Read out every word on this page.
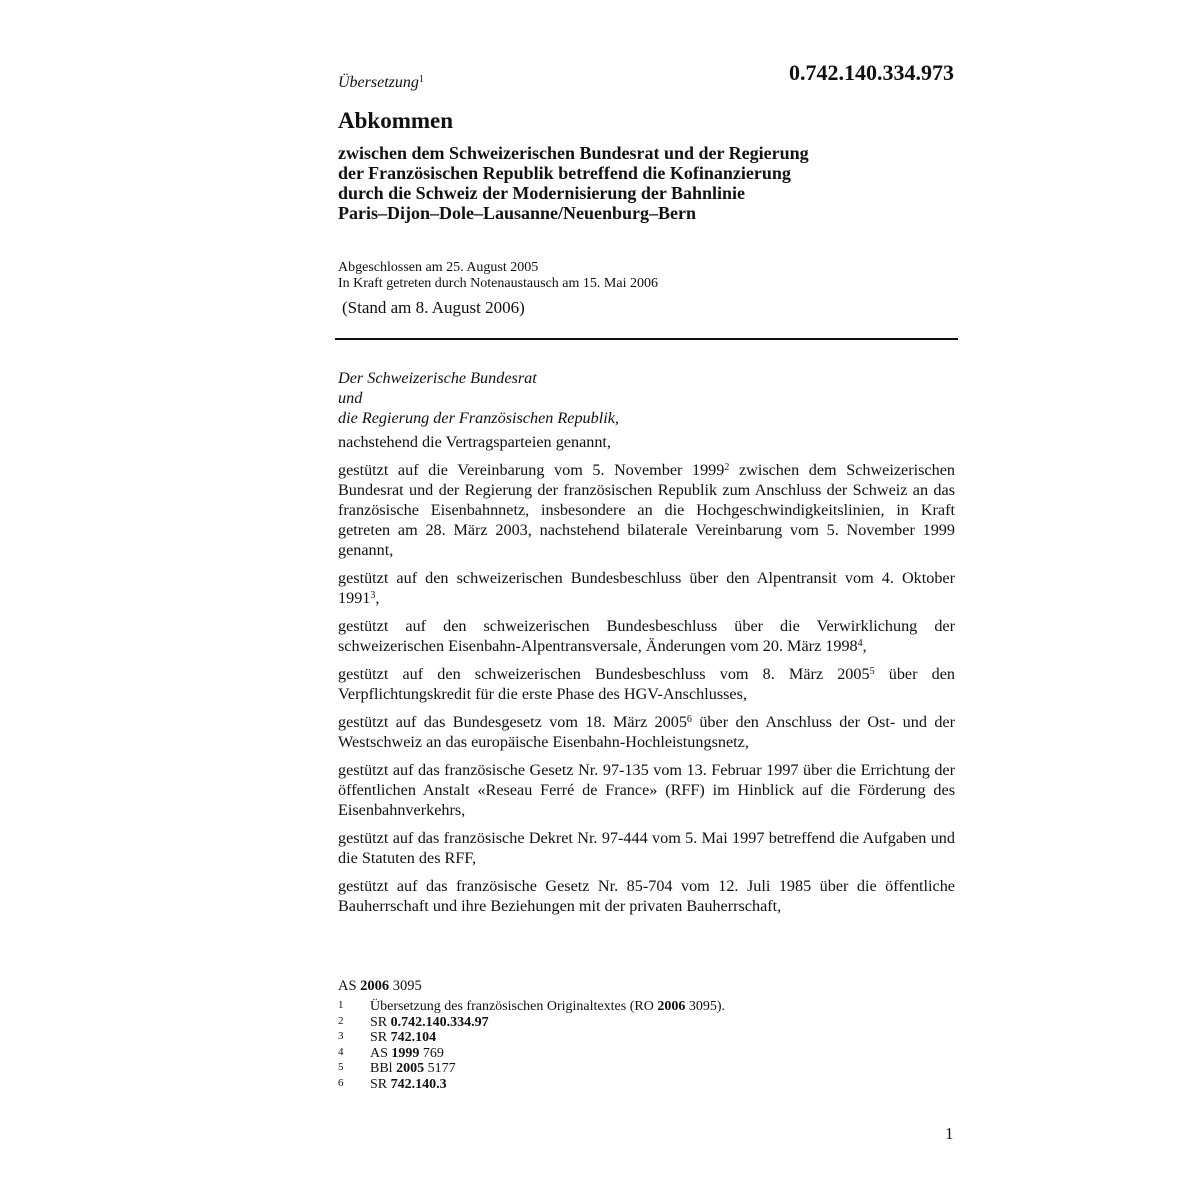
Übersetzung$^1$	0.742.140.334.973
Abkommen
zwischen dem Schweizerischen Bundesrat und der Regierung
der Französischen Republik betreffend die Kofinanzierung
durch die Schweiz der Modernisierung der Bahnlinie
Paris–Dijon–Dole–Lausanne/Neuenburg–Bern
Abgeschlossen am 25. August 2005
In Kraft getreten durch Notenaustausch am 15. Mai 2006
(Stand am 8. August 2006)
Der Schweizerische Bundesrat
und
die Regierung der Französischen Republik,
nachstehend die Vertragsparteien genannt,
gestützt auf die Vereinbarung vom 5. November 1999$^2$ zwischen dem Schweizerischen Bundesrat und der Regierung der französischen Republik zum Anschluss der Schweiz an das französische Eisenbahnnetz, insbesondere an die Hochgeschwindigkeitslinien, in Kraft getreten am 28. März 2003, nachstehend bilaterale Vereinbarung vom 5. November 1999 genannt,
gestützt auf den schweizerischen Bundesbeschluss über den Alpentransit vom 4. Oktober 1991$^3$,
gestützt auf den schweizerischen Bundesbeschluss über die Verwirklichung der schweizerischen Eisenbahn-Alpentransversale, Änderungen vom 20. März 1998$^4$,
gestützt auf den schweizerischen Bundesbeschluss vom 8. März 2005$^5$ über den Verpflichtungskredit für die erste Phase des HGV-Anschlusses,
gestützt auf das Bundesgesetz vom 18. März 2005$^6$ über den Anschluss der Ost- und der Westschweiz an das europäische Eisenbahn-Hochleistungsnetz,
gestützt auf das französische Gesetz Nr. 97-135 vom 13. Februar 1997 über die Errichtung der öffentlichen Anstalt «Reseau Ferré de France» (RFF) im Hinblick auf die Förderung des Eisenbahnverkehrs,
gestützt auf das französische Dekret Nr. 97-444 vom 5. Mai 1997 betreffend die Aufgaben und die Statuten des RFF,
gestützt auf das französische Gesetz Nr. 85-704 vom 12. Juli 1985 über die öffentliche Bauherrschaft und ihre Beziehungen mit der privaten Bauherrschaft,
AS 2006 3095
1	Übersetzung des französischen Originaltextes (RO 2006 3095).
2	SR 0.742.140.334.97
3	SR 742.104
4	AS 1999 769
5	BBl 2005 5177
6	SR 742.140.3
1
